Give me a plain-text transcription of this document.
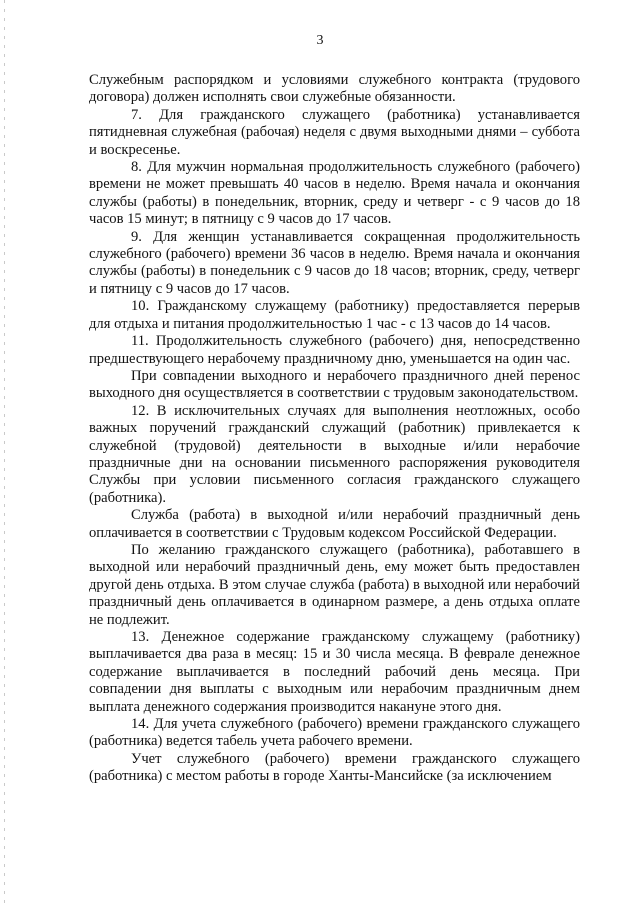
3

Служебным распорядком и условиями служебного контракта (трудового договора) должен исполнять свои служебные обязанности.

7. Для гражданского служащего (работника) устанавливается пятидневная служебная (рабочая) неделя с двумя выходными днями – суббота и воскресенье.

8. Для мужчин нормальная продолжительность служебного (рабочего) времени не может превышать 40 часов в неделю. Время начала и окончания службы (работы) в понедельник, вторник, среду и четверг - с 9 часов до 18 часов 15 минут; в пятницу с 9 часов до 17 часов.

9. Для женщин устанавливается сокращенная продолжительность служебного (рабочего) времени 36 часов в неделю. Время начала и окончания службы (работы) в понедельник с 9 часов до 18 часов; вторник, среду, четверг и пятницу с 9 часов до 17 часов.

10. Гражданскому служащему (работнику) предоставляется перерыв для отдыха и питания продолжительностью 1 час - с 13 часов до 14 часов.

11. Продолжительность служебного (рабочего) дня, непосредственно предшествующего нерабочему праздничному дню, уменьшается на один час.

При совпадении выходного и нерабочего праздничного дней перенос выходного дня осуществляется в соответствии с трудовым законодательством.

12. В исключительных случаях для выполнения неотложных, особо важных поручений гражданский служащий (работник) привлекается к служебной (трудовой) деятельности в выходные и/или нерабочие праздничные дни на основании письменного распоряжения руководителя Службы при условии письменного согласия гражданского служащего (работника).

Служба (работа) в выходной и/или нерабочий праздничный день оплачивается в соответствии с Трудовым кодексом Российской Федерации.

По желанию гражданского служащего (работника), работавшего в выходной или нерабочий праздничный день, ему может быть предоставлен другой день отдыха. В этом случае служба (работа) в выходной или нерабочий праздничный день оплачивается в одинарном размере, а день отдыха оплате не подлежит.

13. Денежное содержание гражданскому служащему (работнику) выплачивается два раза в месяц: 15 и 30 числа месяца. В феврале денежное содержание выплачивается в последний рабочий день месяца. При совпадении дня выплаты с выходным или нерабочим праздничным днем выплата денежного содержания производится накануне этого дня.

14. Для учета служебного (рабочего) времени гражданского служащего (работника) ведется табель учета рабочего времени.

Учет служебного (рабочего) времени гражданского служащего (работника) с местом работы в городе Ханты-Мансийске (за исключением
